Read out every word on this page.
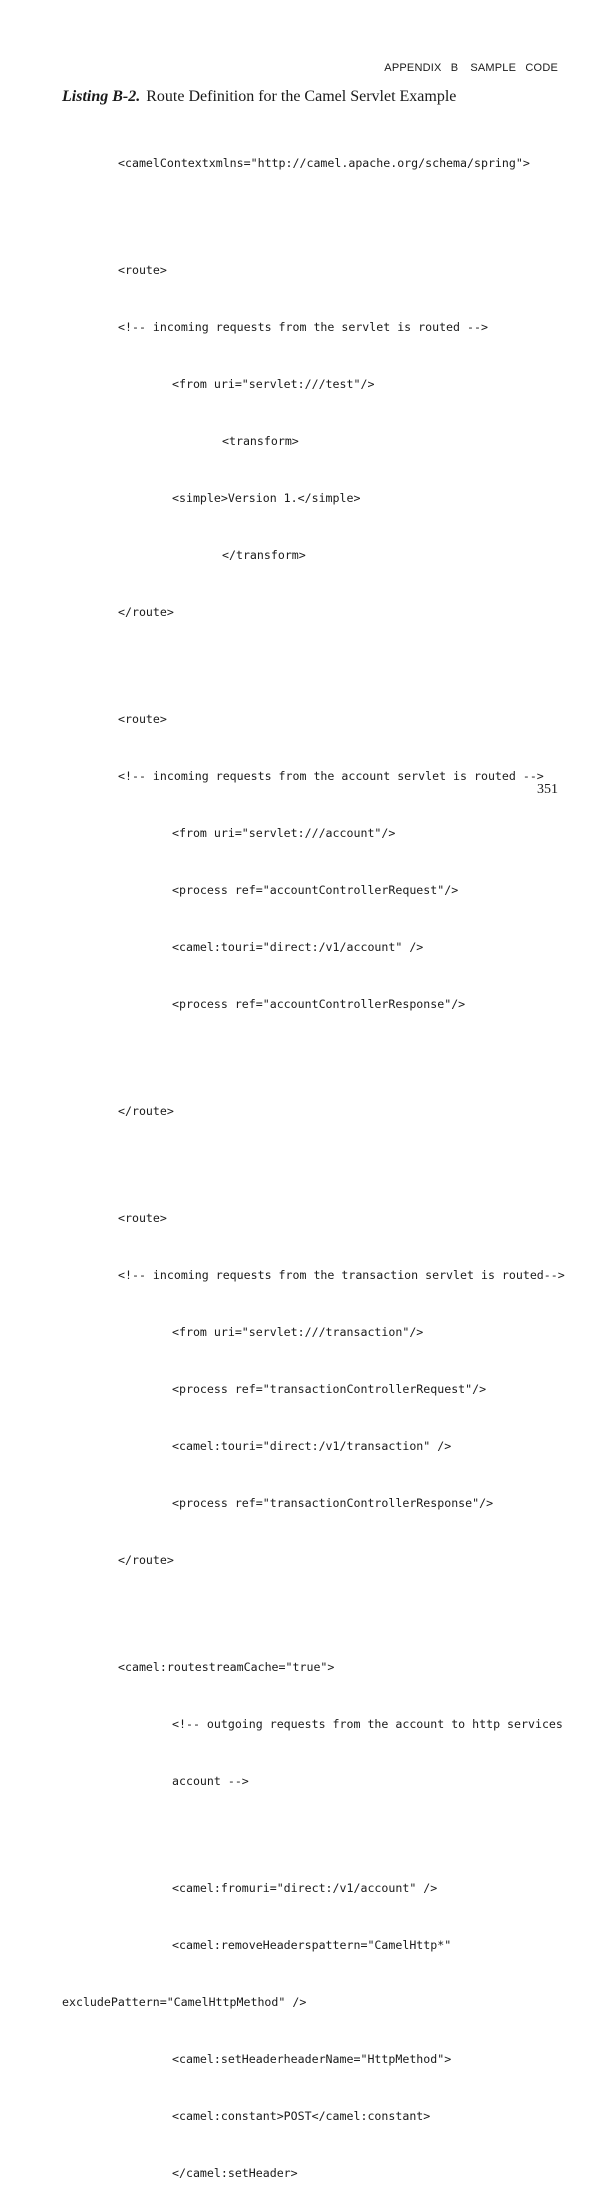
APPENDIX B SAMPLE CODE
Listing B-2. Route Definition for the Camel Servlet Example

<camelContextxmlns="http://camel.apache.org/schema/spring">

<route>

<!-- incoming requests from the servlet is routed -->

<from uri="servlet:///test"/>

<transform>

<simple>Version 1.</simple>

</transform>

</route>

<route>

<!-- incoming requests from the account servlet is routed -->

<from uri="servlet:///account"/>

<process ref="accountControllerRequest"/>

<camel:touri="direct:/v1/account" />

<process ref="accountControllerResponse"/>

</route>

<route>

<!-- incoming requests from the transaction servlet is routed-->

<from uri="servlet:///transaction"/>

<process ref="transactionControllerRequest"/>

<camel:touri="direct:/v1/transaction" />

<process ref="transactionControllerResponse"/>

</route>

<camel:routestreamCache="true">

<!-- outgoing requests from the account to http services

account -->

<camel:fromuri="direct:/v1/account" />

<camel:removeHeaderspattern="CamelHttp*"

excludePattern="CamelHttpMethod" />

<camel:setHeaderheaderName="HttpMethod">

<camel:constant>POST</camel:constant>

</camel:setHeader>

351
